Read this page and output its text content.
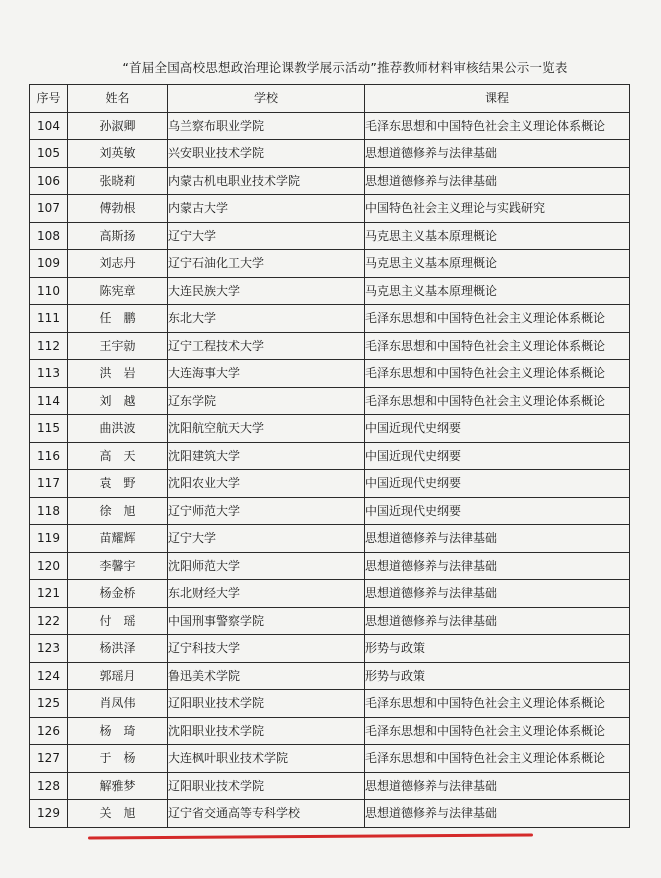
“首届全国高校思想政治理论课教学展示活动”推荐教师材料审核结果公示一览表
序号	姓名	学校	课程
104	孙淑卿	乌兰察布职业学院	毛泽东思想和中国特色社会主义理论体系概论
105	刘英敏	兴安职业技术学院	思想道德修养与法律基础
106	张晓莉	内蒙古机电职业技术学院	思想道德修养与法律基础
107	傅勃根	内蒙古大学	中国特色社会主义理论与实践研究
108	高斯扬	辽宁大学	马克思主义基本原理概论
109	刘志丹	辽宁石油化工大学	马克思主义基本原理概论
110	陈宪章	大连民族大学	马克思主义基本原理概论
111	任　鹏	东北大学	毛泽东思想和中国特色社会主义理论体系概论
112	王宇勍	辽宁工程技术大学	毛泽东思想和中国特色社会主义理论体系概论
113	洪　岩	大连海事大学	毛泽东思想和中国特色社会主义理论体系概论
114	刘　越	辽东学院	毛泽东思想和中国特色社会主义理论体系概论
115	曲洪波	沈阳航空航天大学	中国近现代史纲要
116	高　天	沈阳建筑大学	中国近现代史纲要
117	袁　野	沈阳农业大学	中国近现代史纲要
118	徐　旭	辽宁师范大学	中国近现代史纲要
119	苗耀辉	辽宁大学	思想道德修养与法律基础
120	李馨宇	沈阳师范大学	思想道德修养与法律基础
121	杨金桥	东北财经大学	思想道德修养与法律基础
122	付　瑶	中国刑事警察学院	思想道德修养与法律基础
123	杨洪泽	辽宁科技大学	形势与政策
124	郭瑶月	鲁迅美术学院	形势与政策
125	肖凤伟	辽阳职业技术学院	毛泽东思想和中国特色社会主义理论体系概论
126	杨　琦	沈阳职业技术学院	毛泽东思想和中国特色社会主义理论体系概论
127	于　杨	大连枫叶职业技术学院	毛泽东思想和中国特色社会主义理论体系概论
128	解雅梦	辽阳职业技术学院	思想道德修养与法律基础
129	关　旭	辽宁省交通高等专科学校	思想道德修养与法律基础
